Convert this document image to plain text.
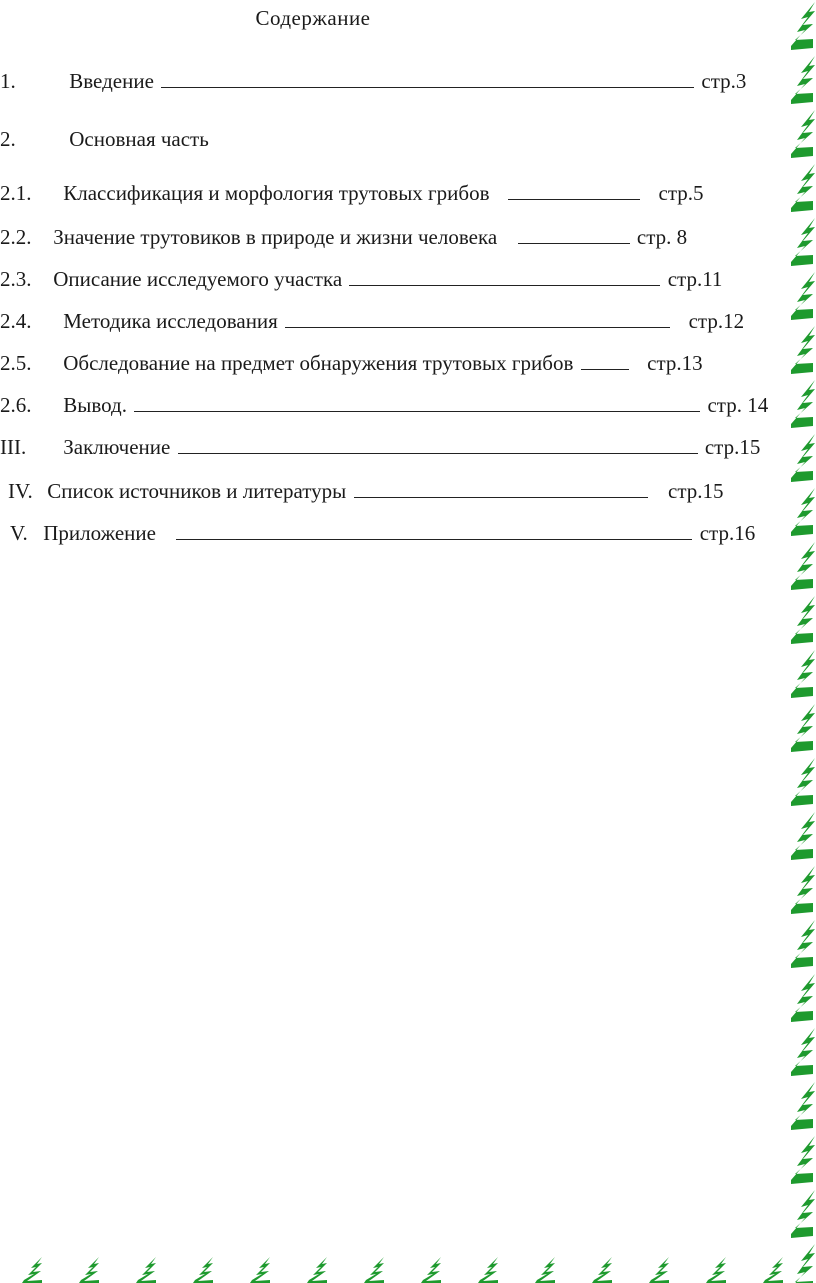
Содержание
1.	Введение	стр.3
2.	Основная часть
2.1. Классификация и морфология трутовых грибов	стр.5
2.2. Значение трутовиков в природе и жизни человека	стр. 8
2.3. Описание исследуемого участка	стр.11
2.4. Методика исследования	стр.12
2.5. Обследование на предмет обнаружения трутовых грибов	стр.13
2.6. Вывод.	стр. 14
III. Заключение	стр.15
IV. Список источников и литературы	стр.15
V. Приложение	стр.16
